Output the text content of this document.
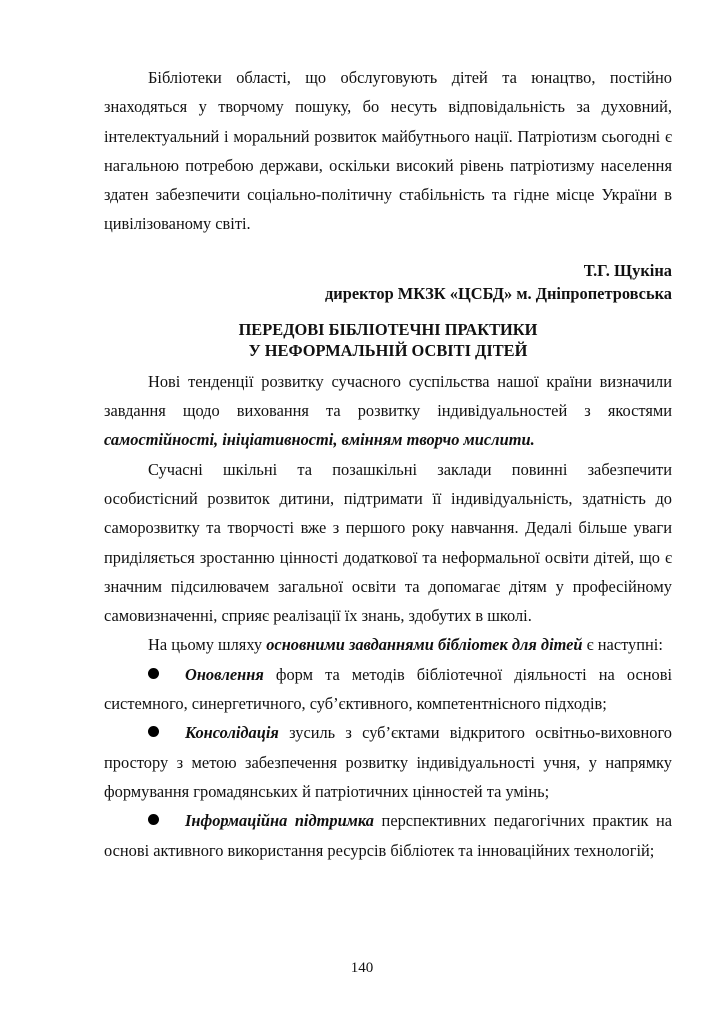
Бібліотеки області, що обслуговують дітей та юнацтво, постійно знаходяться у творчому пошуку, бо несуть відповідальність за духовний, інтелектуальний і моральний розвиток майбутнього нації. Патріотизм сьогодні є нагальною потребою держави, оскільки високий рівень патріотизму населення здатен забезпечити соціально-політичну стабільність та гідне місце України в цивілізованому світі.

Т.Г. Щукіна

директор МКЗК «ЦСБД» м. Дніпропетровська

ПЕРЕДОВІ БІБЛІОТЕЧНІ ПРАКТИКИ
У НЕФОРМАЛЬНІЙ ОСВІТІ ДІТЕЙ

Нові тенденції розвитку сучасного суспільства нашої країни визначили завдання щодо виховання та розвитку індивідуальностей з якостями самостійності, ініціативності, вмінням творчо мислити.

Сучасні шкільні та позашкільні заклади повинні забезпечити особистісний розвиток дитини, підтримати її індивідуальність, здатність до саморозвитку та творчості вже з першого року навчання. Дедалі більше уваги приділяється зростанню цінності додаткової та неформальної освіти дітей, що є значним підсилювачем загальної освіти та допомагає дітям у професійному самовизначенні, сприяє реалізації їх знань, здобутих в школі.

На цьому шляху основними завданнями бібліотек для дітей є наступні:

Оновлення форм та методів бібліотечної діяльності на основі системного, синергетичного, суб’єктивного, компетентнісного підходів;

Консолідація зусиль з суб’єктами відкритого освітньо-виховного простору з метою забезпечення розвитку індивідуальності учня, у напрямку формування громадянських й патріотичних цінностей та умінь;

Інформаційна підтримка перспективних педагогічних практик на основі активного використання ресурсів бібліотек та інноваційних технологій;

140
